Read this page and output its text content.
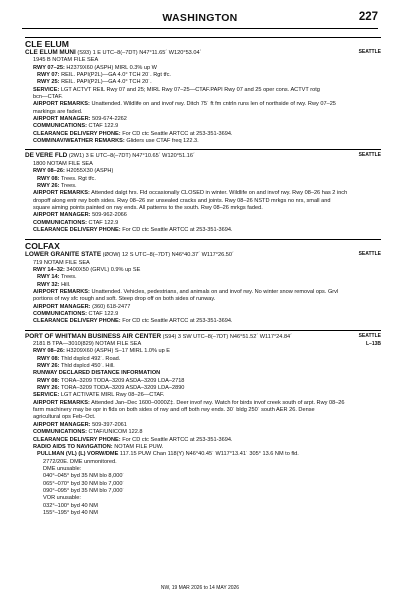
WASHINGTON	227
CLE ELUM
CLE ELUM MUNI (S93) 1 E UTC–8(–7DT) N47°11.65´ W120°53.04´	SEATTLE
1945 B NOTAM FILE SEA
RWY 07–25: H2379X60 (ASPH) MIRL 0.3% up W
RWY 07: REIL. PAPI(P2L)—GA 4.0° TCH 20´. Rgt tfc.
RWY 25: REIL. PAPI(P2L)—GA 4.0° TCH 20´.
SERVICE: LGT ACTVT REIL Rwy 07 and 25; MIRL Rwy 07–25—CTAF.PAPI Rwy 07 and 25 oper cons. ACTVT rotg
bcn—CTAF.
AIRPORT REMARKS: Unattended. Wildlife on and invof rwy. Ditch 75´ ft fm cntrln runs len of northside of rwy. Rwy 07–25
markings are faded.
AIRPORT MANAGER: 509-674-2262
COMMUNICATIONS: CTAF 122.9
CLEARANCE DELIVERY PHONE: For CD ctc Seattle ARTCC at 253-351-3694.
COMM/NAV/WEATHER REMARKS: Gliders use CTAF freq 122.3.
DE VERE FLD (2W1) 3 E UTC–8(–7DT) N47°10.65´ W120°51.16´	SEATTLE
1800 NOTAM FILE SEA
RWY 08–26: H2055X30 (ASPH)
RWY 08: Trees. Rgt tfc.
RWY 26: Trees.
AIRPORT REMARKS: Attended dalgt hrs. Fld occasionally CLOSED in winter. Wildlife on and invof rwy. Rwy 08–26 has 2 inch
dropoff along entr rwy both sides. Rwy 08–26 svr unsealed cracks and joints. Rwy 08–26 NSTD mrkgs no nrs, small and
square aiming points painted on rwy ends. All patterns to the south. Rwy 08–26 mrkgs faded.
AIRPORT MANAGER: 509-962-2066
COMMUNICATIONS: CTAF 122.9
CLEARANCE DELIVERY PHONE: For CD ctc Seattle ARTCC at 253-351-3694.
COLFAX
LOWER GRANITE STATE (ØOW) 12 S UTC–8(–7DT) N46°40.37´ W117°26.50´	SEATTLE
719 NOTAM FILE SEA
RWY 14–32: 3400X50 (GRVL) 0.9% up SE
RWY 14: Trees.
RWY 32: Hill.
AIRPORT REMARKS: Unattended. Vehicles, pedestrians, and animals on and invof rwy. No winter snow removal ops. Grvl
portions of rwy sfc rough and soft. Steep drop off on both sides of runway.
AIRPORT MANAGER: (360) 618-2477
COMMUNICATIONS: CTAF 122.9
CLEARANCE DELIVERY PHONE: For CD ctc Seattle ARTCC at 253-351-3694.
PORT OF WHITMAN BUSINESS AIR CENTER (S94) 3 SW UTC–8(–7DT) N46°51.52´ W117°24.84´	SEATTLE
2181 B TPA—3010(829) NOTAM FILE SEA	L–13B
RWY 08–26: H3209X60 (ASPH) S–17 MIRL 1.0% up E
RWY 08: Thld dsplcd 492´. Road.
RWY 26: Thld dsplcd 450´. Hill.
RUNWAY DECLARED DISTANCE INFORMATION
RWY 08: TORA–3209 TODA–3209 ASDA–3209 LDA–2718
RWY 26: TORA–3209 TODA–3209 ASDA–3209 LDA–2890
SERVICE: LGT ACTIVATE MIRL Rwy 08–26—CTAF.
AIRPORT REMARKS: Attended Jan–Dec 1600–0000Z‡. Deer invof rwy. Watch for birds invof creek south of arpt. Rwy 08–26
farm machinery may be opr in flds on both sides of rwy and off both rwy ends. 30´ bldg 250´ south AER 26. Dense
agricultural ops Feb–Oct.
AIRPORT MANAGER: 509-397-2061
COMMUNICATIONS: CTAF/UNICOM 122.8
CLEARANCE DELIVERY PHONE: For CD ctc Seattle ARTCC at 253-351-3694.
RADIO AIDS TO NAVIGATION: NOTAM FILE PUW.
PULLMAN (VL) (L) VORW/DME 117.15 PUW Chan 118(Y) N46°40.45´ W117°13.41´ 305° 13.6 NM to fld.
2772/20E. DME unmonitored.
DME unusable:
040°–045° byd 35 NM blo 8,000´
065°–070° byd 30 NM blo 7,000´
090°–095° byd 35 NM blo 7,000´
VOR unusable:
032°–100° byd 40 NM
155°–195° byd 40 NM
NW, 19 MAR 2026 to 14 MAY 2026
